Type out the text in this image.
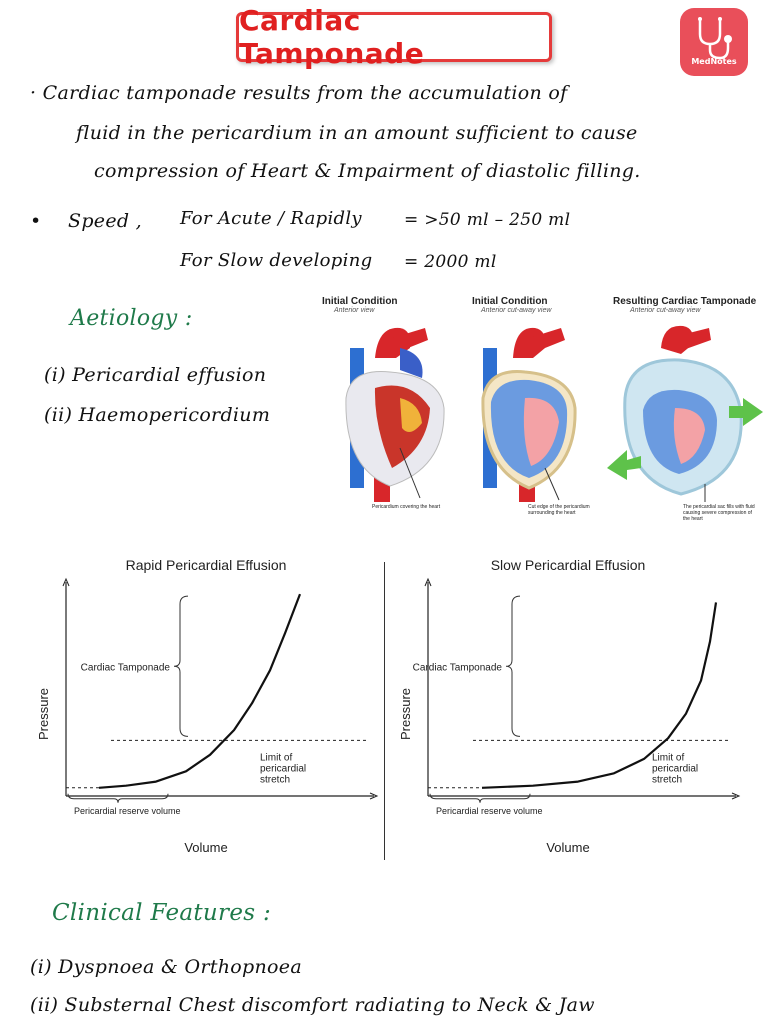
Cardiac Tamponade	MedNotes
· Cardiac tamponade results from the accumulation of
fluid in the pericardium in an amount sufficient to cause
compression of Heart & Impairment of diastolic filling.
• Speed , For Acute / Rapidly = >50 ml – 250 ml
For Slow developing = 2000 ml
Aetiology :
(i) Pericardial effusion
(ii) Haemopericordium
Initial Condition
Anterior view
Initial Condition
Anterior cut-away view
Resulting Cardiac Tamponade
Anterior cut-away view
Pericardium covering the heart	Cut edge of the pericardium surrounding the heart
The pericardial sac fills with fluid causing severe compression of the heart
Rapid Pericardial Effusion
Volume
Pressure
Cardiac Tamponade
Limit of
pericardial
stretch
Pericardial reserve volume
Slow Pericardial Effusion
Volume
Pressure
Cardiac Tamponade
Limit of
pericardial
stretch
Pericardial reserve volume
Clinical Features :
(i) Dyspnoea & Orthopnoea
(ii) Substernal Chest discomfort radiating to Neck & Jaw
